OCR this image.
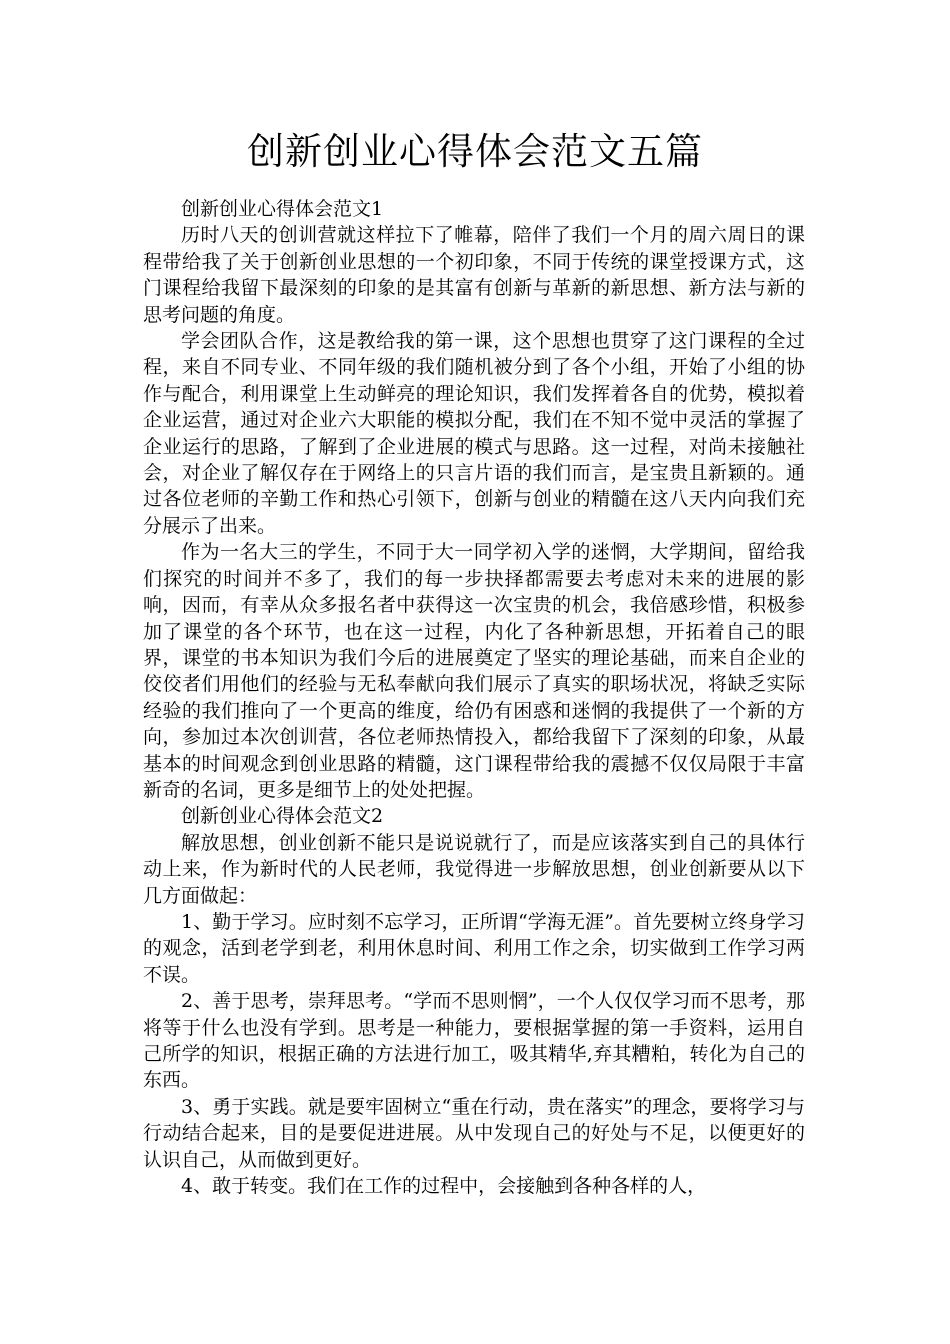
创新创业心得体会范文五篇

创新创业心得体会范文1

历时八天的创训营就这样拉下了帷幕，陪伴了我们一个月的周六周日的课程带给我了关于创新创业思想的一个初印象，不同于传统的课堂授课方式，这门课程给我留下最深刻的印象的是其富有创新与革新的新思想、新方法与新的思考问题的角度。

学会团队合作，这是教给我的第一课，这个思想也贯穿了这门课程的全过程，来自不同专业、不同年级的我们随机被分到了各个小组，开始了小组的协作与配合，利用课堂上生动鲜亮的理论知识，我们发挥着各自的优势，模拟着企业运营，通过对企业六大职能的模拟分配，我们在不知不觉中灵活的掌握了企业运行的思路，了解到了企业进展的模式与思路。这一过程，对尚未接触社会，对企业了解仅存在于网络上的只言片语的我们而言，是宝贵且新颖的。通过各位老师的辛勤工作和热心引领下，创新与创业的精髓在这八天内向我们充分展示了出来。

作为一名大三的学生，不同于大一同学初入学的迷惘，大学期间，留给我们探究的时间并不多了，我们的每一步抉择都需要去考虑对未来的进展的影响，因而，有幸从众多报名者中获得这一次宝贵的机会，我倍感珍惜，积极参加了课堂的各个环节，也在这一过程，内化了各种新思想，开拓着自己的眼界，课堂的书本知识为我们今后的进展奠定了坚实的理论基础，而来自企业的佼佼者们用他们的经验与无私奉献向我们展示了真实的职场状况，将缺乏实际经验的我们推向了一个更高的维度，给仍有困惑和迷惘的我提供了一个新的方向，参加过本次创训营，各位老师热情投入，都给我留下了深刻的印象，从最基本的时间观念到创业思路的精髓，这门课程带给我的震撼不仅仅局限于丰富新奇的名词，更多是细节上的处处把握。

创新创业心得体会范文2

解放思想，创业创新不能只是说说就行了，而是应该落实到自己的具体行动上来，作为新时代的人民老师，我觉得进一步解放思想，创业创新要从以下几方面做起：

1、勤于学习。应时刻不忘学习，正所谓“学海无涯”。首先要树立终身学习的观念，活到老学到老，利用休息时间、利用工作之余，切实做到工作学习两不误。

2、善于思考，崇拜思考。“学而不思则惘”，一个人仅仅学习而不思考，那将等于什么也没有学到。思考是一种能力，要根据掌握的第一手资料，运用自己所学的知识，根据正确的方法进行加工，吸其精华,弃其糟粕，转化为自己的东西。

3、勇于实践。就是要牢固树立“重在行动，贵在落实”的理念，要将学习与行动结合起来，目的是要促进进展。从中发现自己的好处与不足，以便更好的认识自己，从而做到更好。

4、敢于转变。我们在工作的过程中，会接触到各种各样的人，
